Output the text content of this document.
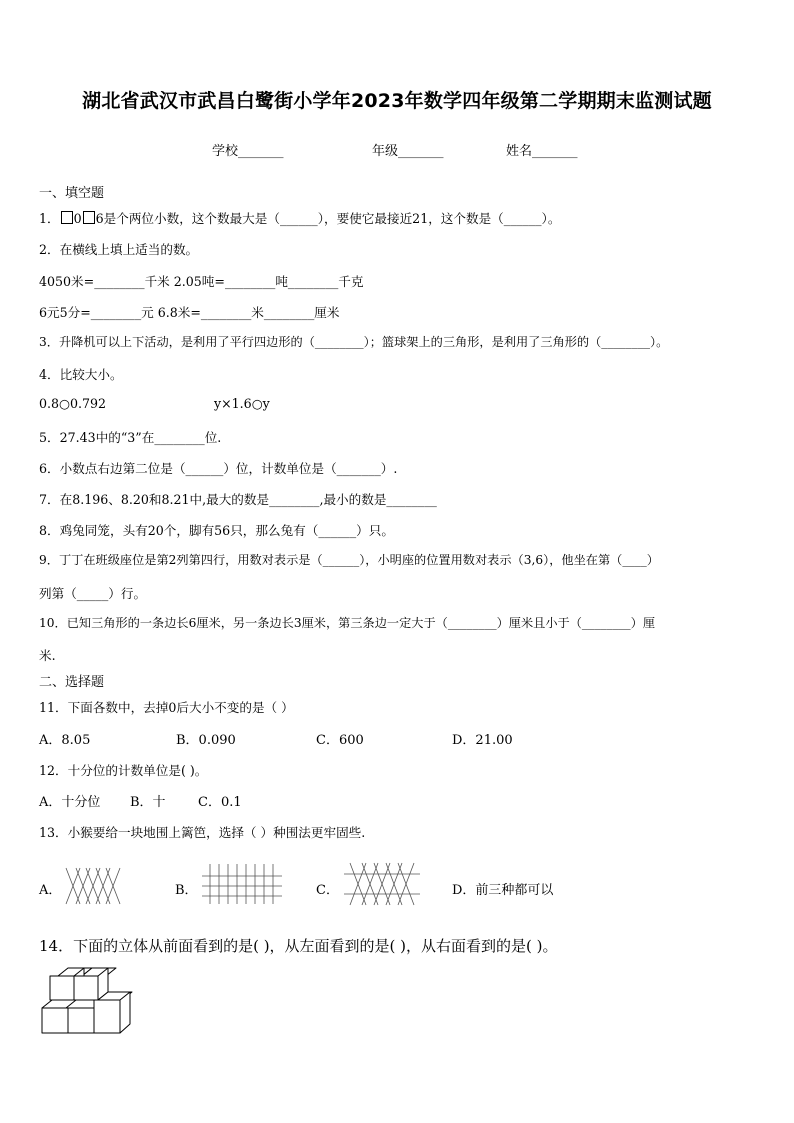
湖北省武汉市武昌白鹭街小学年2023年数学四年级第二学期期末监测试题
学校_______	年级_______	姓名_______
一、填空题
1． 0 6是个两位小数，这个数最大是（______），要使它最接近21，这个数是（______）。
2．在横线上填上适当的数。
4050米=________千米 2.05吨=________吨________千克
6元5分=________元 6.8米=________米________厘米
3．升降机可以上下活动，是利用了平行四边形的（________）；篮球架上的三角形，是利用了三角形的（________）。
4．比较大小。
0.8○0.792	y×1.6○y
5．27.43中的“3”在________位.
6．小数点右边第二位是（______）位，计数单位是（_______）.
7．在8.196、8.20和8.21中,最大的数是________,最小的数是________
8．鸡兔同笼，头有20个，脚有56只，那么兔有（______）只。
9．丁丁在班级座位是第2列第四行，用数对表示是（______），小明座的位置用数对表示（3,6），他坐在第（____）
列第（_____）行。
10．已知三角形的一条边长6厘米，另一条边长3厘米，第三条边一定大于（________）厘米且小于（________）厘
米.
二、选择题
11．下面各数中，去掉0后大小不变的是（ ）
A．8.05	B．0.090	C．600	D．21.00
12．十分位的计数单位是( )。
A．十分位 B．十 C．0.1
13．小猴要给一块地围上篱笆，选择（ ）种围法更牢固些.
A．	B．	C．	D．前三种都可以
14．下面的立体从前面看到的是( )，从左面看到的是( )，从右面看到的是( )。
